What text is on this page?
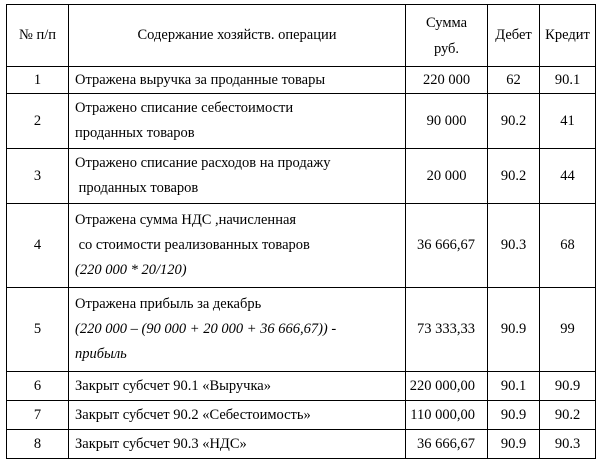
№ п/п	Содержание хозяйств. операции	Сумма
руб.	Дебет	Кредит
1	Отражена выручка за проданные товары	220 000	62	90.1
2	Отражено списание себестоимости
проданных товаров	90 000	90.2	41
3	Отражено списание расходов на продажу
проданных товаров	20 000	90.2	44
4	Отражена сумма НДС ,начисленная
со стоимости реализованных товаров
(220 000 * 20/120)	36 666,67	90.3	68
5	Отражена прибыль за декабрь
(220 000 – (90 000 + 20 000 + 36 666,67)) -
прибыль	73 333,33	90.9	99
6	Закрыт субсчет 90.1 «Выручка»	220 000,00	90.1	90.9
7	Закрыт субсчет 90.2 «Себестоимость»	110 000,00	90.9	90.2
8	Закрыт субсчет 90.3 «НДС»	36 666,67	90.9	90.3
